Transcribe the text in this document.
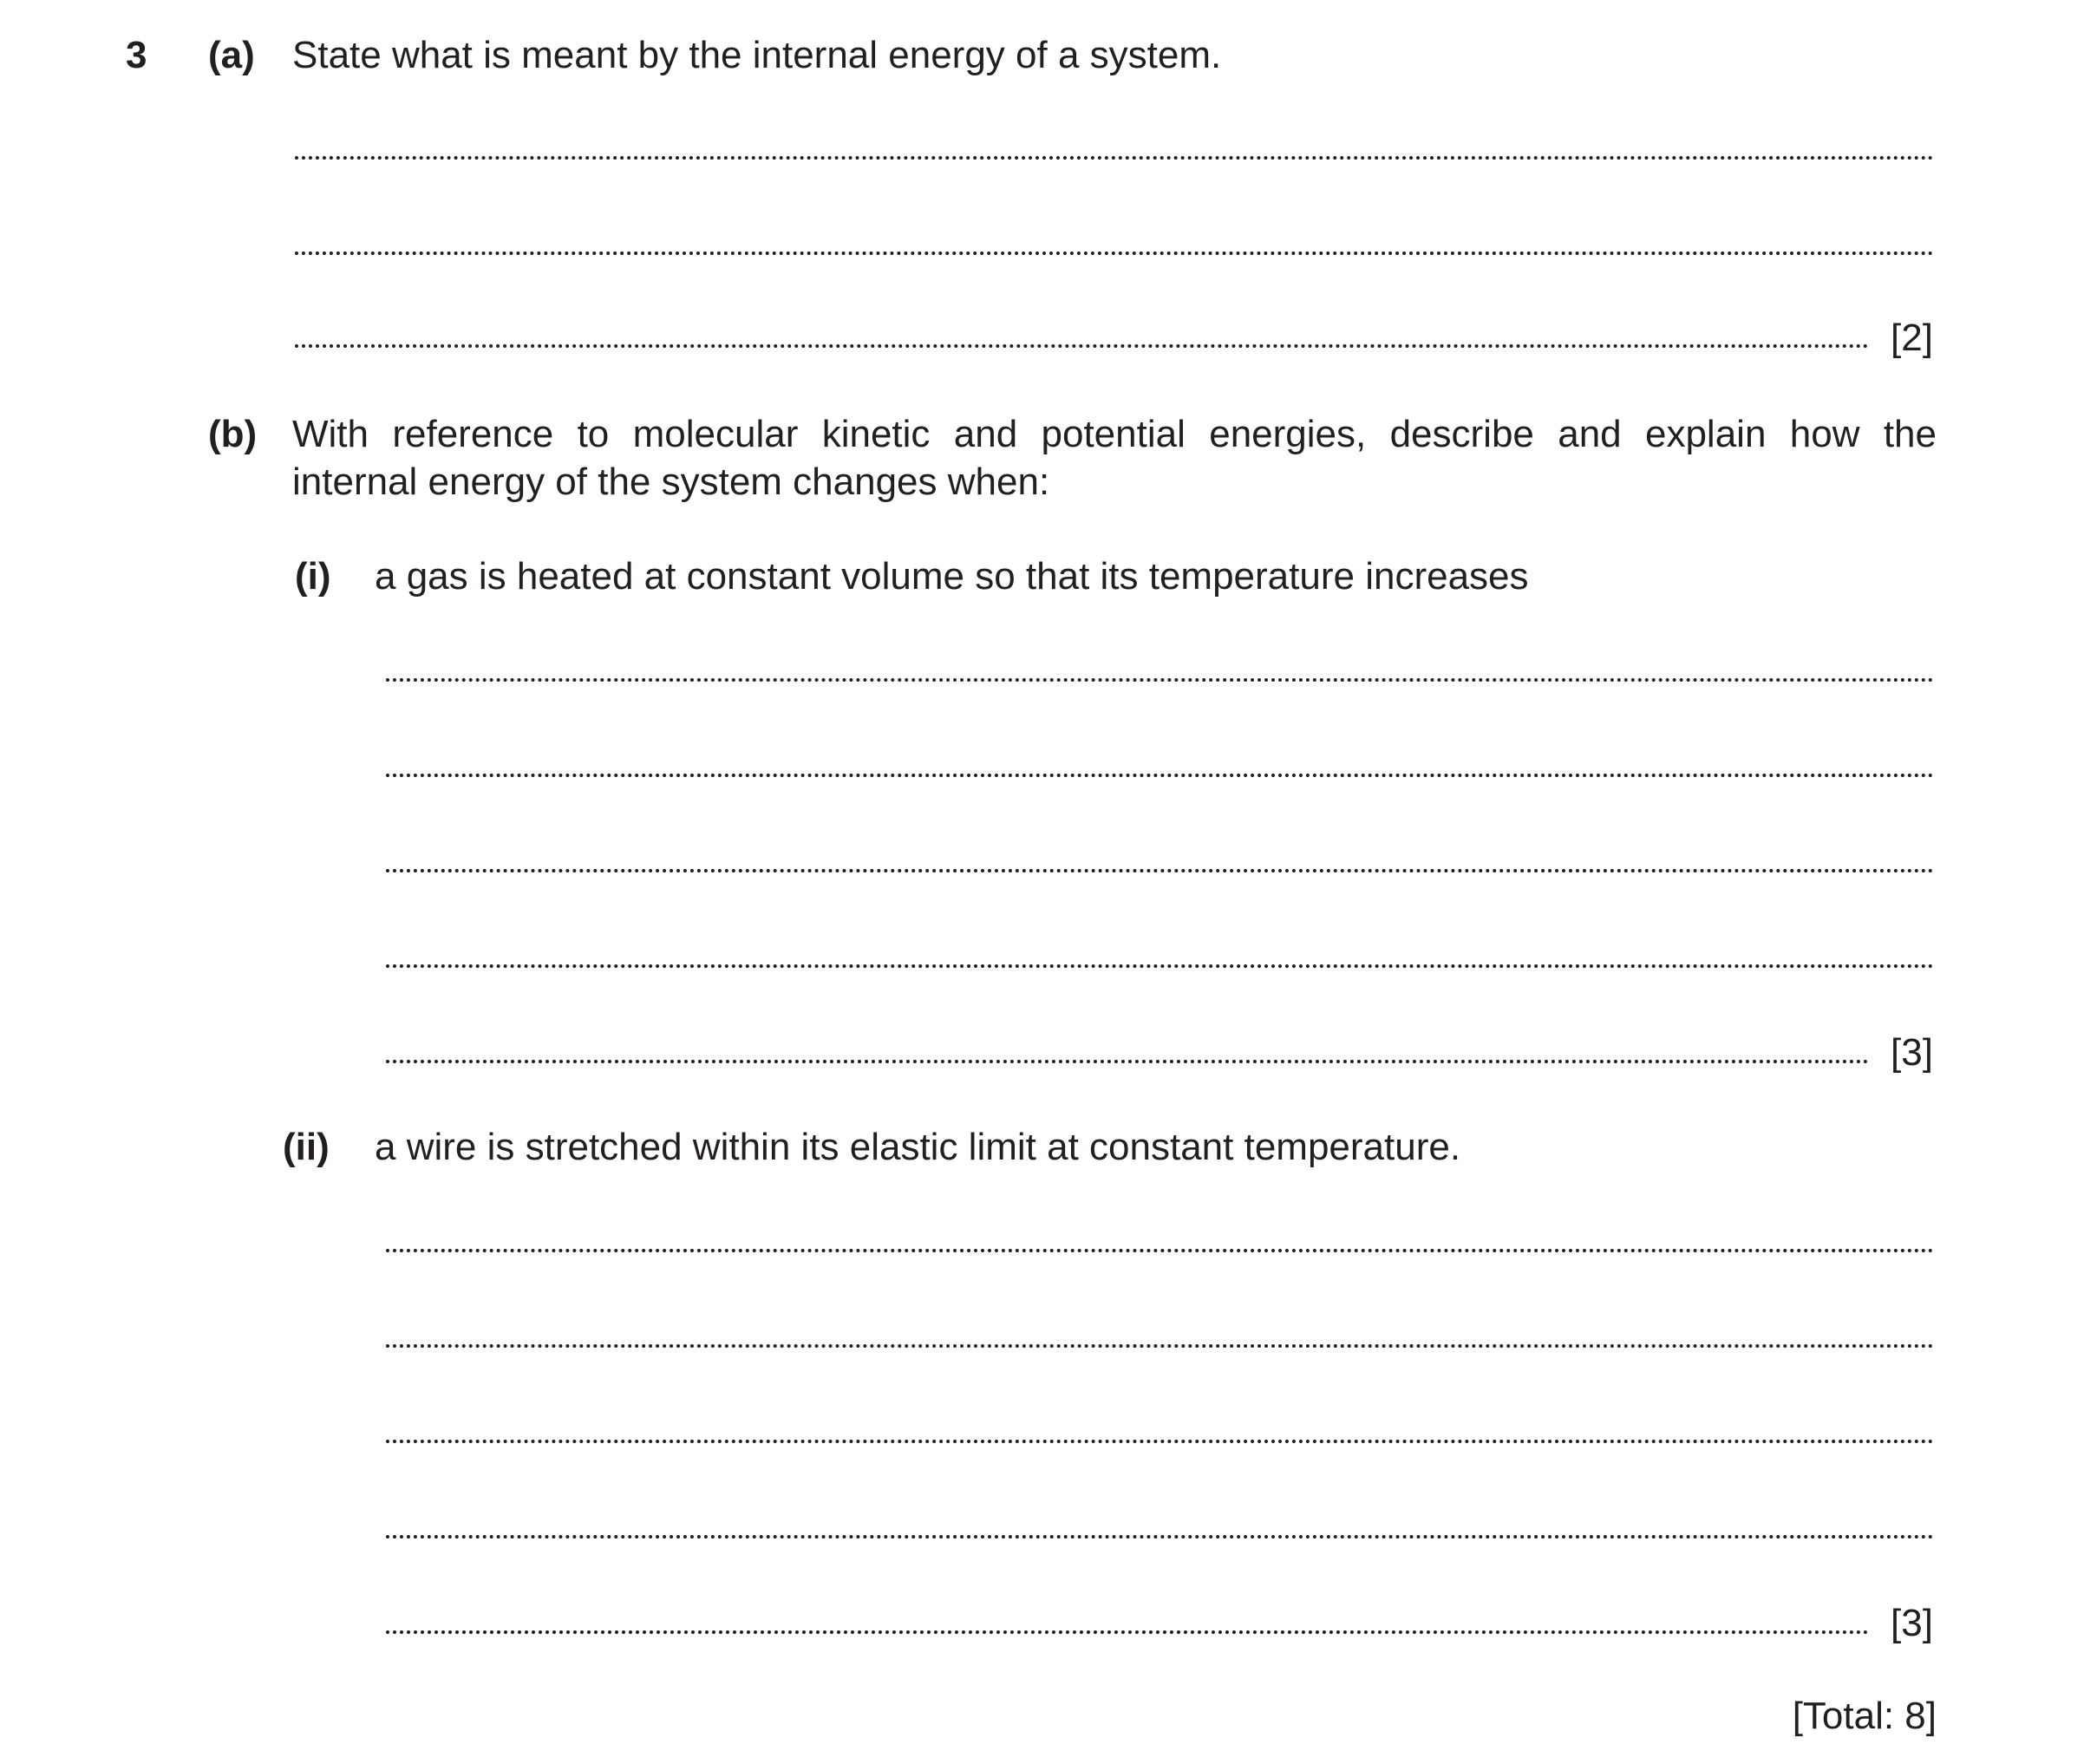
3 (a) State what is meant by the internal energy of a system.
[2]
(b) With reference to molecular kinetic and potential energies, describe and explain how the
internal energy of the system changes when:
(i) a gas is heated at constant volume so that its temperature increases
[3]
(ii) a wire is stretched within its elastic limit at constant temperature.
[3]
[Total: 8]
